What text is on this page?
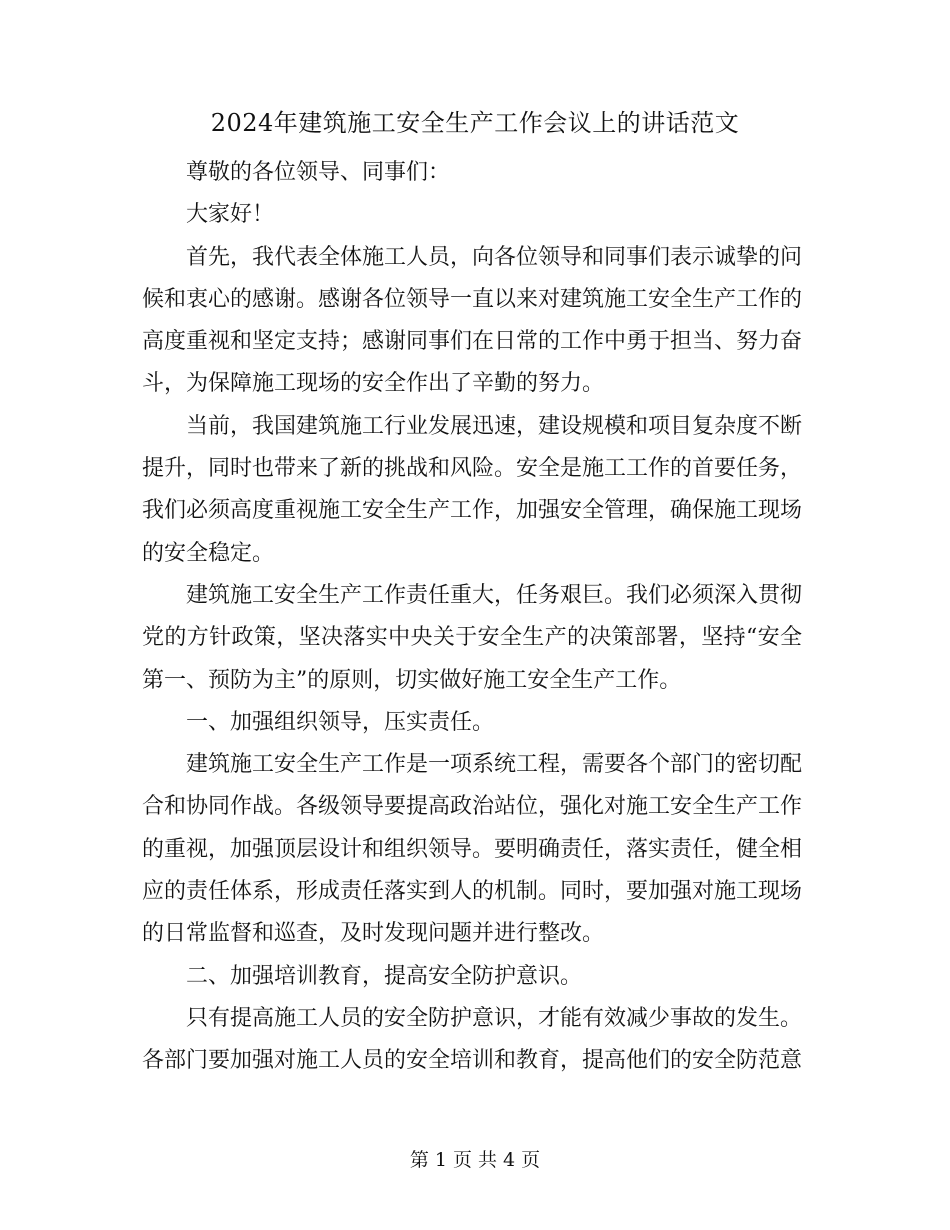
2024年建筑施工安全生产工作会议上的讲话范文

尊敬的各位领导、同事们：

大家好！

首先，我代表全体施工人员，向各位领导和同事们表示诚挚的问候和衷心的感谢。感谢各位领导一直以来对建筑施工安全生产工作的高度重视和坚定支持；感谢同事们在日常的工作中勇于担当、努力奋斗，为保障施工现场的安全作出了辛勤的努力。

当前，我国建筑施工行业发展迅速，建设规模和项目复杂度不断提升，同时也带来了新的挑战和风险。安全是施工工作的首要任务，我们必须高度重视施工安全生产工作，加强安全管理，确保施工现场的安全稳定。

建筑施工安全生产工作责任重大，任务艰巨。我们必须深入贯彻党的方针政策，坚决落实中央关于安全生产的决策部署，坚持“安全第一、预防为主”的原则，切实做好施工安全生产工作。

一、加强组织领导，压实责任。

建筑施工安全生产工作是一项系统工程，需要各个部门的密切配合和协同作战。各级领导要提高政治站位，强化对施工安全生产工作的重视，加强顶层设计和组织领导。要明确责任，落实责任，健全相应的责任体系，形成责任落实到人的机制。同时，要加强对施工现场的日常监督和巡查，及时发现问题并进行整改。

二、加强培训教育，提高安全防护意识。

只有提高施工人员的安全防护意识，才能有效减少事故的发生。各部门要加强对施工人员的安全培训和教育，提高他们的安全防范意

第 1 页 共 4 页
